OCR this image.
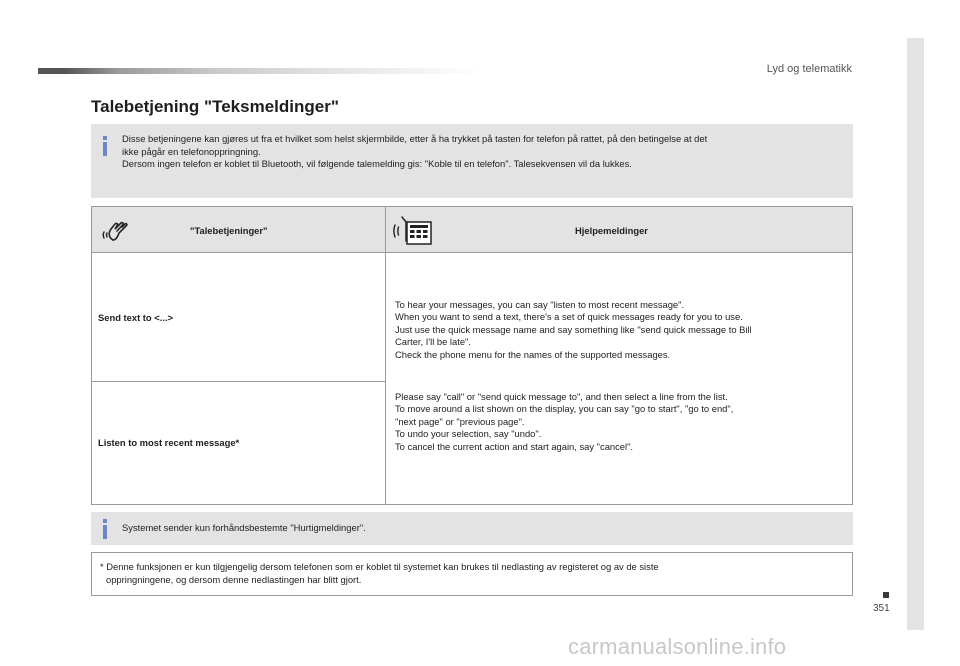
Lyd og telematikk
351
Talebetjening "Teksmeldinger"

Disse betjeningene kan gjøres ut fra et hvilket som helst skjermbilde, etter å ha trykket på tasten for telefon på rattet, på den betingelse at det

ikke pågår en telefonoppringning.

Dersom ingen telefon er koblet til Bluetooth, vil følgende talemelding gis: "Koble til en telefon". Talesekvensen vil da lukkes.

"Talebetjeninger"	Hjelpemeldinger
Send text to <...>
Listen to most recent message*

To hear your messages, you can say "listen to most recent message".

When you want to send a text, there's a set of quick messages ready for you to use.

Just use the quick message name and say something like "send quick message to Bill

Carter, I'll be late".

Check the phone menu for the names of the supported messages.

Please say "call" or "send quick message to", and then select a line from the list.

To move around a list shown on the display, you can say "go to start", "go to end",

"next page" or "previous page".

To undo your selection, say "undo".

To cancel the current action and start again, say "cancel".

Systemet sender kun forhåndsbestemte "Hurtigmeldinger".
* Denne funksjonen er kun tilgjengelig dersom telefonen som er koblet til systemet kan brukes til nedlasting av registeret og av de siste
oppringningene, og dersom denne nedlastingen har blitt gjort.
carmanualsonline.info
